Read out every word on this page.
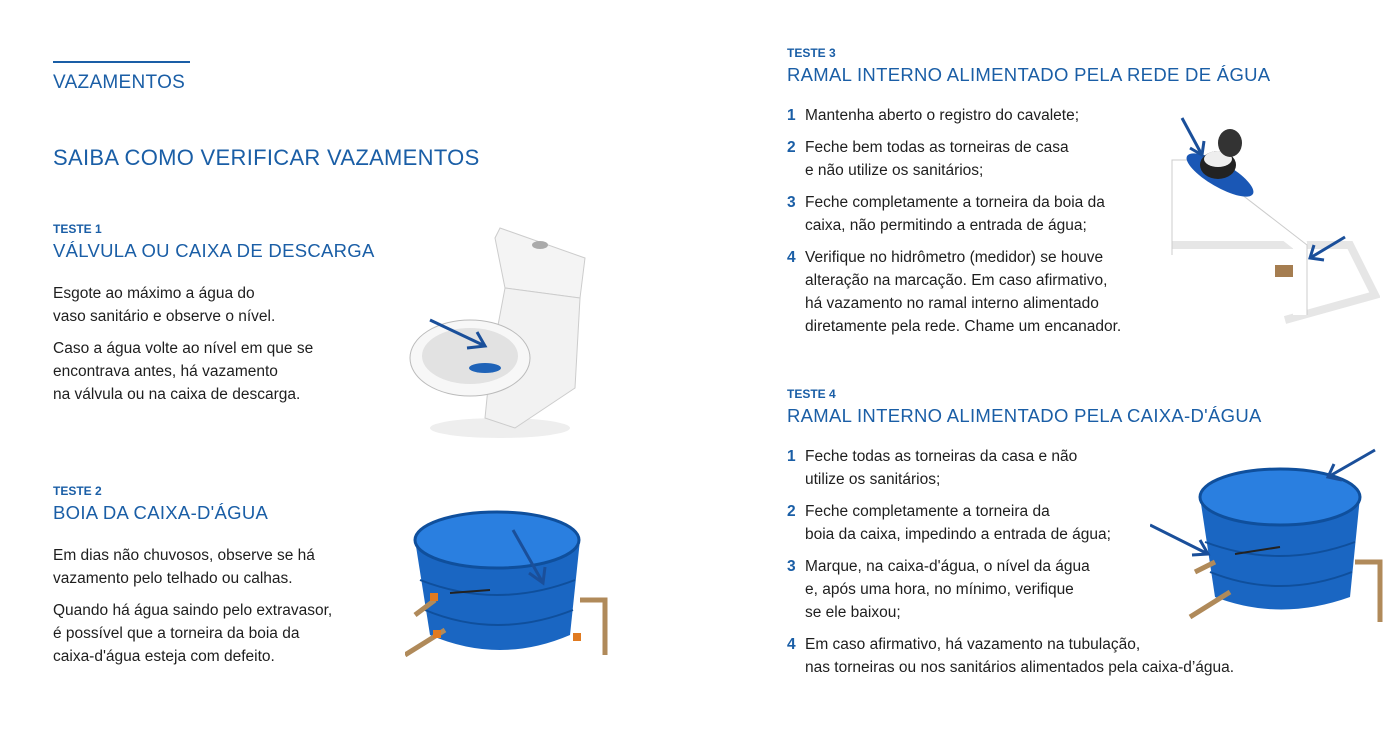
VAZAMENTOS
SAIBA COMO VERIFICAR VAZAMENTOS
TESTE 1
VÁLVULA OU CAIXA DE DESCARGA
Esgote ao máximo a água do
vaso sanitário e observe o nível.
Caso a água volte ao nível em que se
encontrava antes, há vazamento
na válvula ou na caixa de descarga.
TESTE 2
BOIA DA CAIXA-D'ÁGUA
Em dias não chuvosos, observe se há
vazamento pelo telhado ou calhas.
Quando há água saindo pelo extravasor,
é possível que a torneira da boia da
caixa-d'água esteja com defeito.
TESTE 3
RAMAL INTERNO ALIMENTADO PELA REDE DE ÁGUA
1 Mantenha aberto o registro do cavalete;
2 Feche bem todas as torneiras de casa
e não utilize os sanitários;
3 Feche completamente a torneira da boia da
caixa, não permitindo a entrada de água;
4 Verifique no hidrômetro (medidor) se houve
alteração na marcação. Em caso afirmativo,
há vazamento no ramal interno alimentado
diretamente pela rede. Chame um encanador.
TESTE 4
RAMAL INTERNO ALIMENTADO PELA CAIXA-D'ÁGUA
1 Feche todas as torneiras da casa e não
utilize os sanitários;
2 Feche completamente a torneira da
boia da caixa, impedindo a entrada de água;
3 Marque, na caixa-d'água, o nível da água
e, após uma hora, no mínimo, verifique
se ele baixou;
4 Em caso afirmativo, há vazamento na tubulação,
nas torneiras ou nos sanitários alimentados pela caixa-d’água.
